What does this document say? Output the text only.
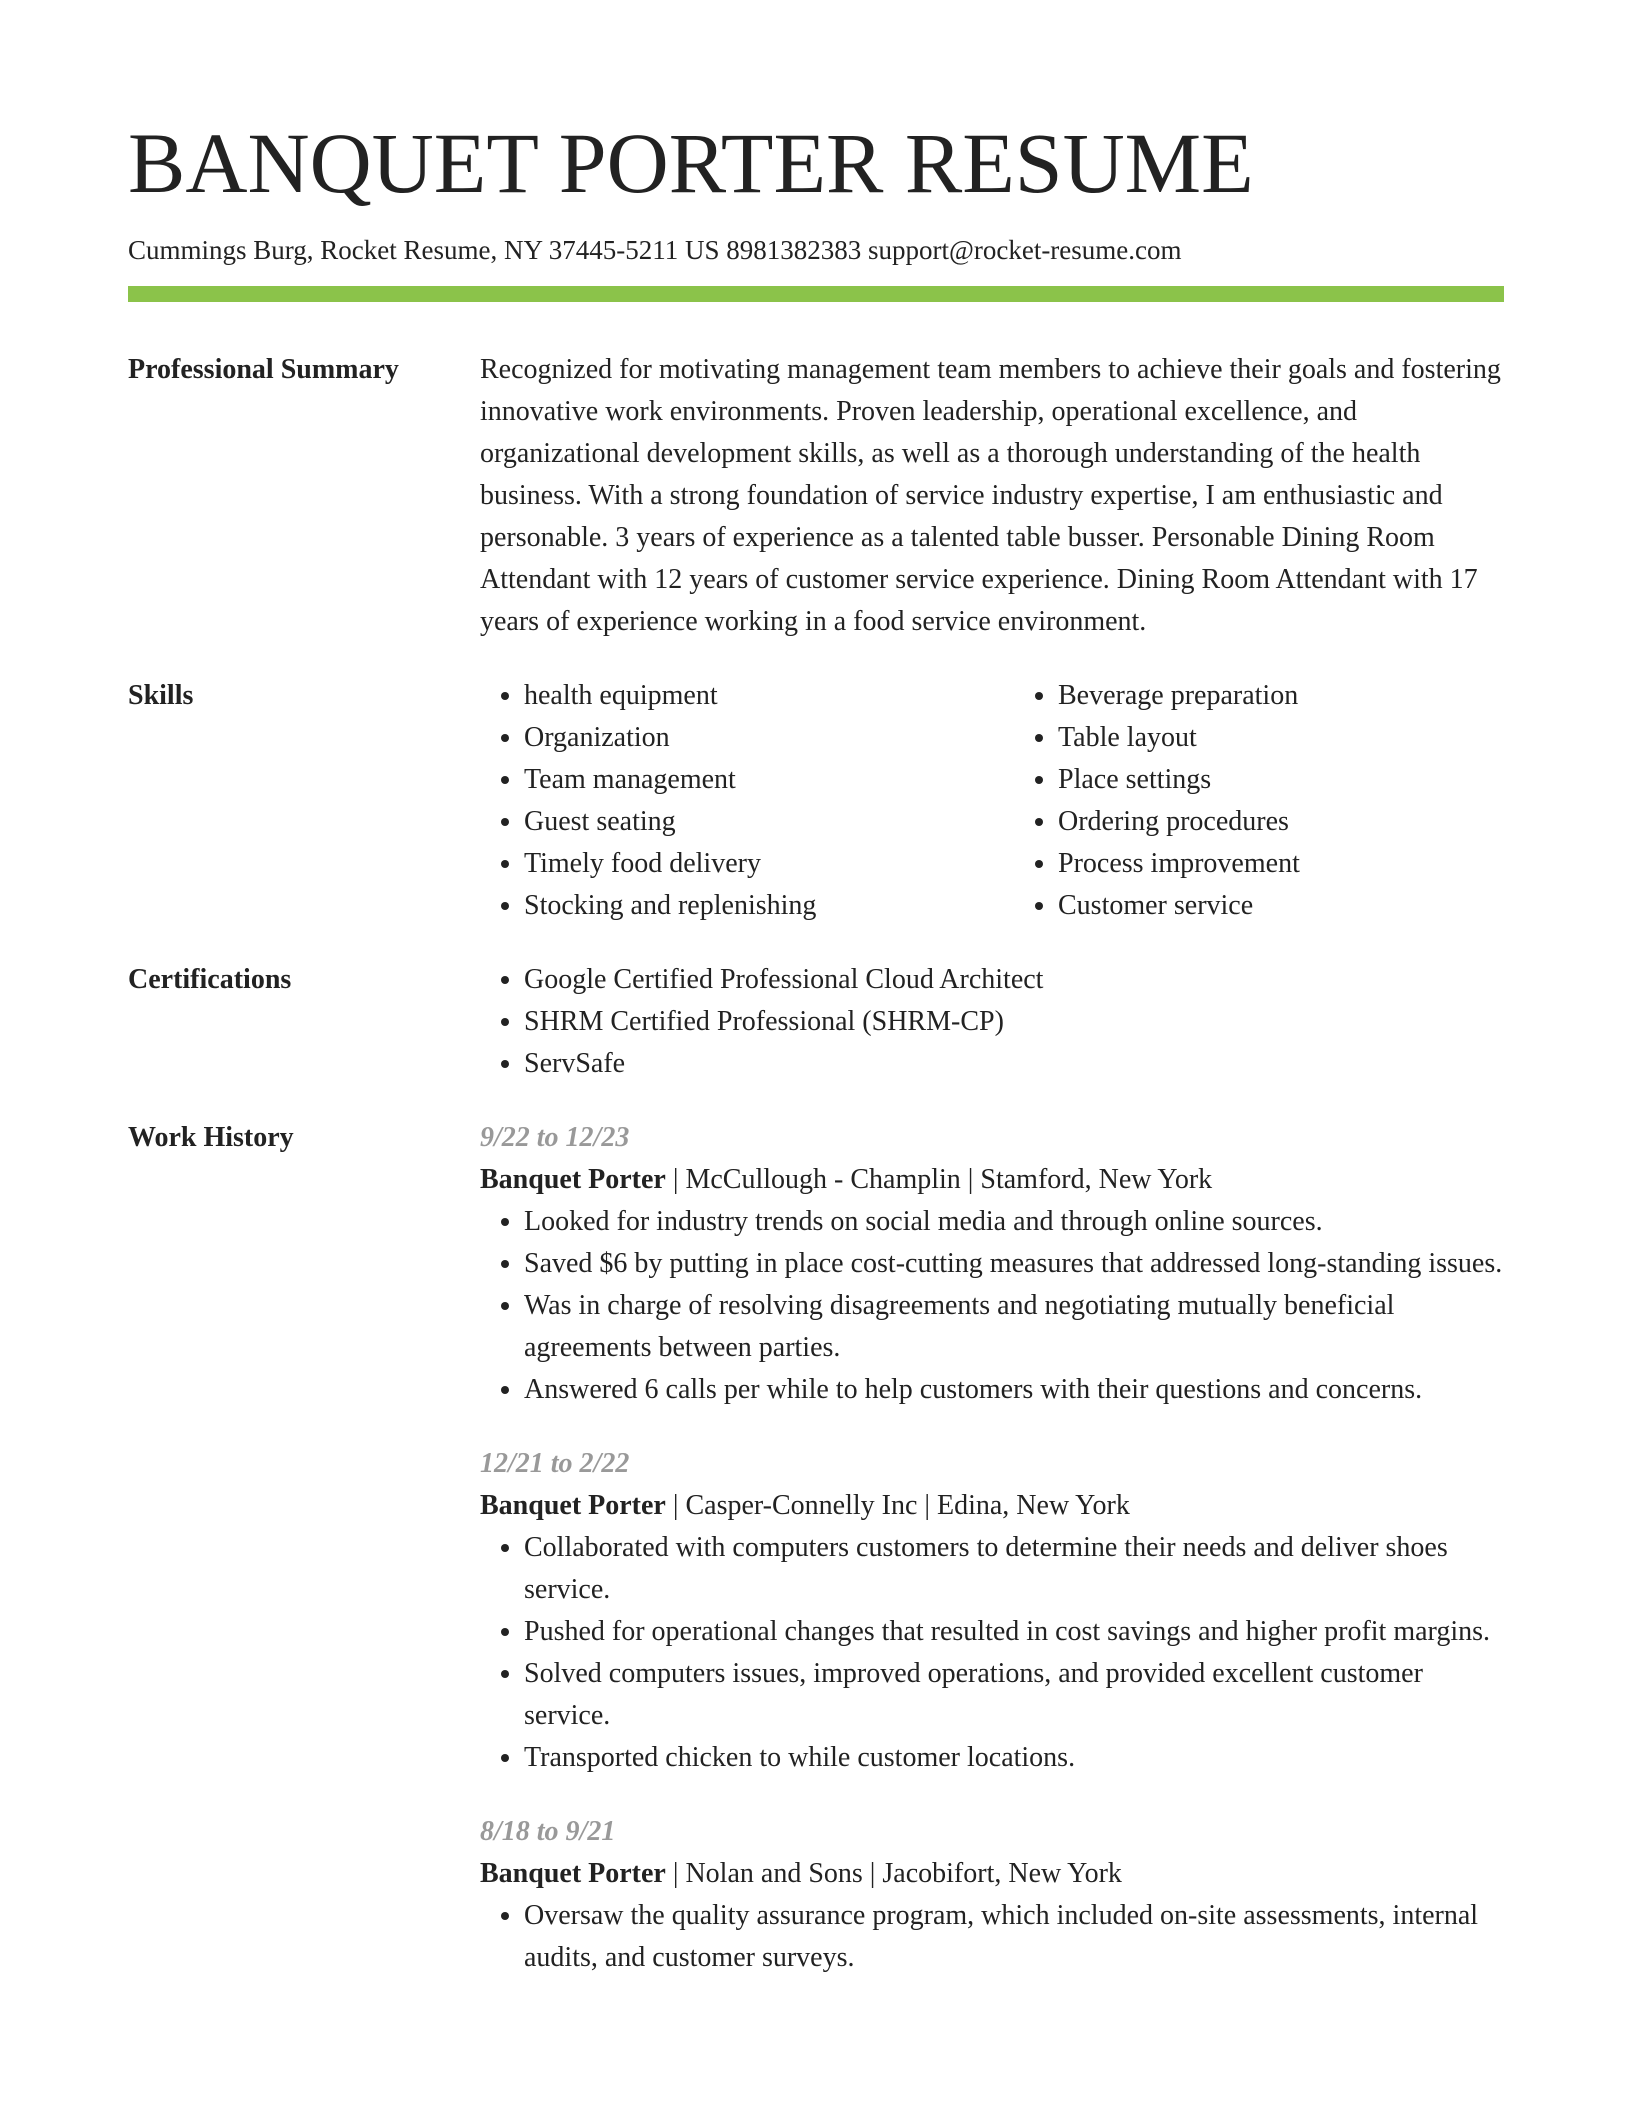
BANQUET PORTER RESUME

Cummings Burg, Rocket Resume, NY 37445-5211 US 8981382383 support@rocket-resume.com

Professional Summary	Recognized for motivating management team members to achieve their goals and fostering innovative work environments. Proven leadership, operational excellence, and organizational development skills, as well as a thorough understanding of the health business. With a strong foundation of service industry expertise, I am enthusiastic and personable. 3 years of experience as a talented table busser. Personable Dining Room Attendant with 12 years of customer service experience. Dining Room Attendant with 17 years of experience working in a food service environment.

Skills	• health equipment
• Organization
• Team management
• Guest seating
• Timely food delivery
• Stocking and replenishing
• Beverage preparation
• Table layout
• Place settings
• Ordering procedures
• Process improvement
• Customer service
Certifications	• Google Certified Professional Cloud Architect
• SHRM Certified Professional (SHRM-CP)
• ServSafe
Work History	9/22 to 12/23

Banquet Porter | McCullough - Champlin | Stamford, New York

• Looked for industry trends on social media and through online sources.
• Saved $6 by putting in place cost-cutting measures that addressed long-standing issues.
• Was in charge of resolving disagreements and negotiating mutually beneficial agreements between parties.
• Answered 6 calls per while to help customers with their questions and concerns.

12/21 to 2/22

Banquet Porter | Casper-Connelly Inc | Edina, New York

• Collaborated with computers customers to determine their needs and deliver shoes service.
• Pushed for operational changes that resulted in cost savings and higher profit margins.
• Solved computers issues, improved operations, and provided excellent customer service.
• Transported chicken to while customer locations.

8/18 to 9/21

Banquet Porter | Nolan and Sons | Jacobifort, New York

• Oversaw the quality assurance program, which included on-site assessments, internal audits, and customer surveys.
